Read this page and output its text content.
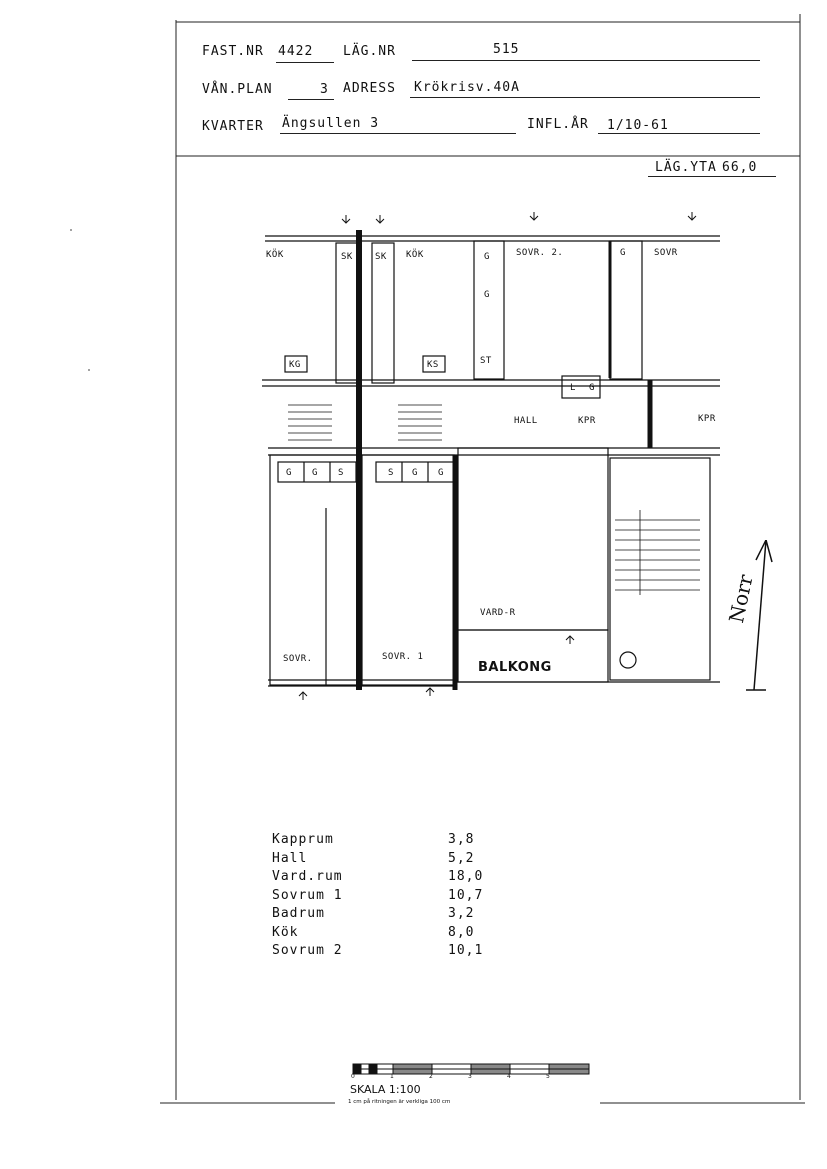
FAST.NR 4422 LÄG.NR	515
VÅN.PLAN	3 ADRESS Krökrisv.40A
KVARTER Ängsullen 3	INFL.ÅR 1/10-61
LÄG.YTA 66,0
KÖK	SK SK KÖK	SOVR. 2.	SOVR
KG	KS	ST
HALL	KPR	KPR
VARD-R
BALKONG
SOVR.	SOVR. 1
G
G
G
G G S	S G G
L G
Norr
Kapprum	3,8
Hall	5,2
Vard.rum	18,0
Sovrum 1	10,7
Badrum	3,2
Kök	8,0
Sovrum 2	10,1
0	1	2	3	4	5
SKALA 1:100
1 cm på ritningen är verkliga 100 cm
